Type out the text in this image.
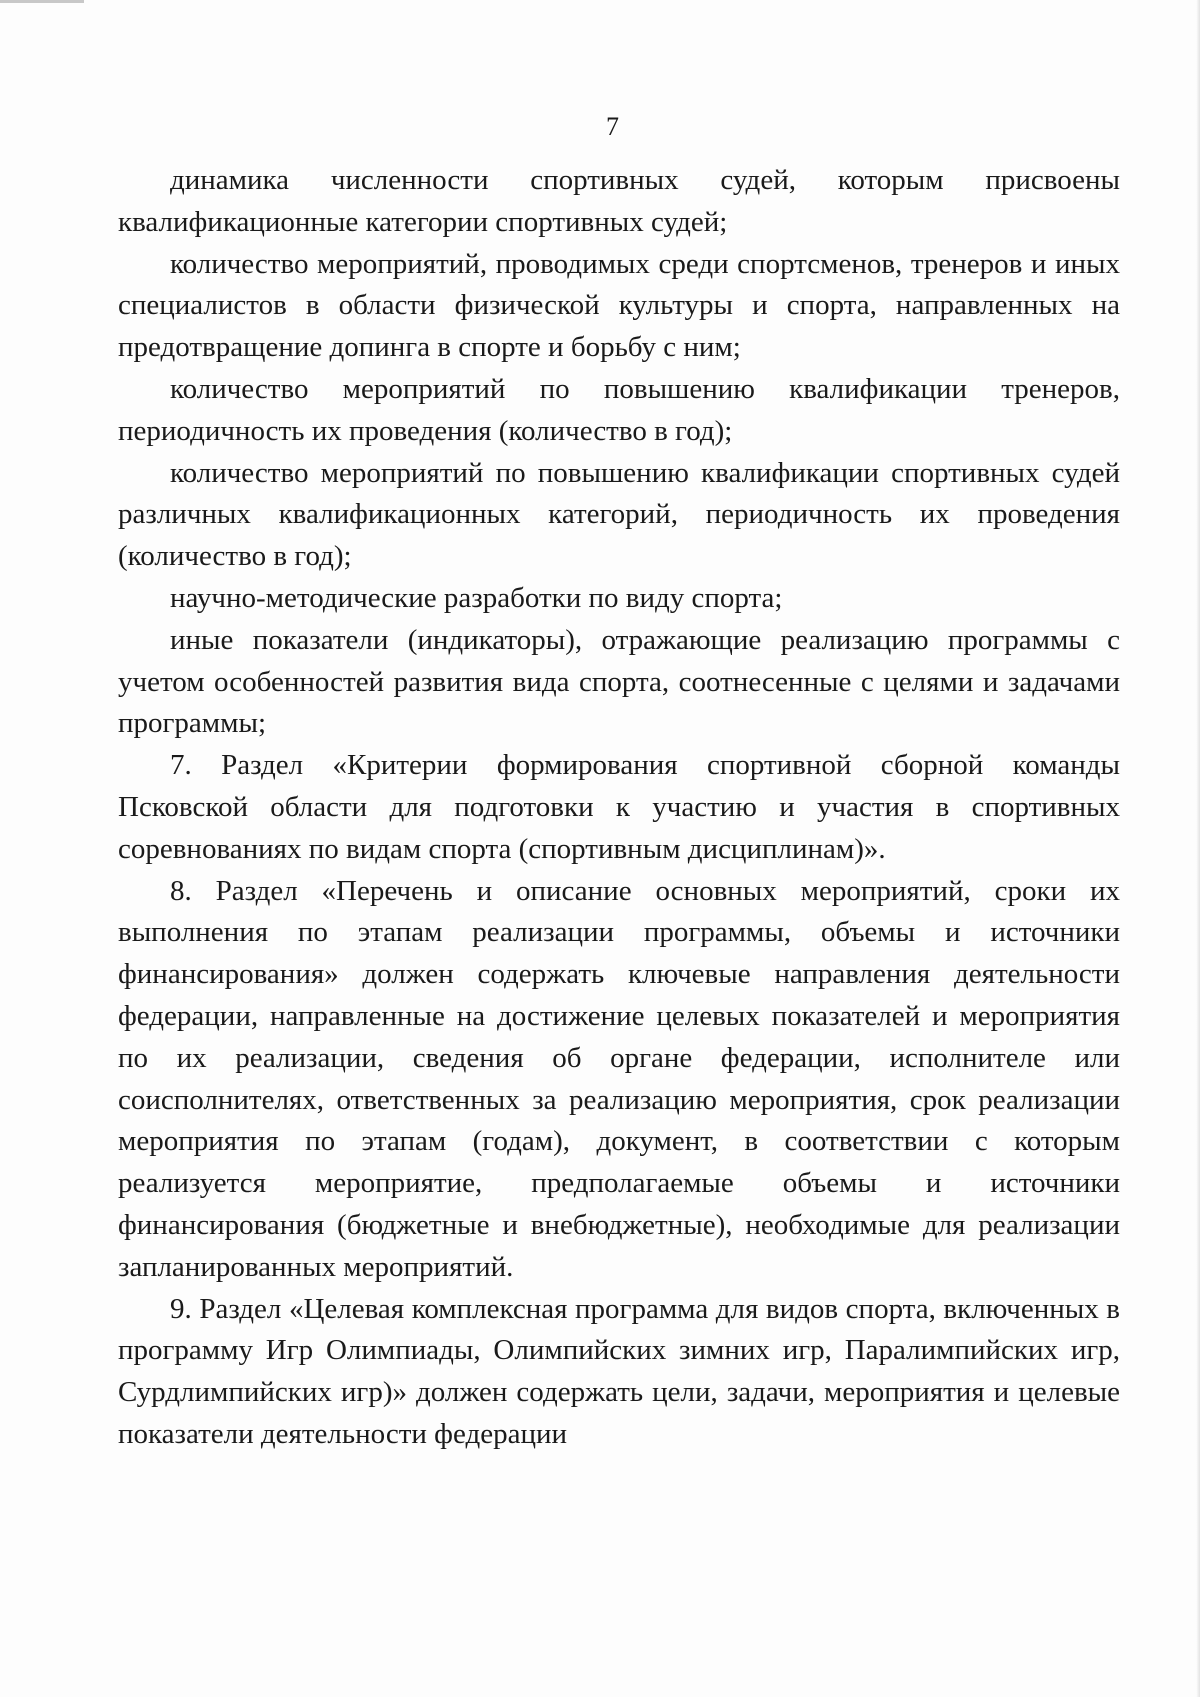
7

динамика численности спортивных судей, которым присвоены квалификационные категории спортивных судей;

количество мероприятий, проводимых среди спортсменов, тренеров и иных специалистов в области физической культуры и спорта, направленных на предотвращение допинга в спорте и борьбу с ним;

количество мероприятий по повышению квалификации тренеров, периодичность их проведения (количество в год);

количество мероприятий по повышению квалификации спортивных судей различных квалификационных категорий, периодичность их проведения (количество в год);

научно-методические разработки по виду спорта;

иные показатели (индикаторы), отражающие реализацию программы с учетом особенностей развития вида спорта, соотнесенные с целями и задачами программы;

7. Раздел «Критерии формирования спортивной сборной команды Псковской области для подготовки к участию и участия в спортивных соревнованиях по видам спорта (спортивным дисциплинам)».

8. Раздел «Перечень и описание основных мероприятий, сроки их выполнения по этапам реализации программы, объемы и источники финансирования» должен содержать ключевые направления деятельности федерации, направленные на достижение целевых показателей и мероприятия по их реализации, сведения об органе федерации, исполнителе или соисполнителях, ответственных за реализацию мероприятия, срок реализации мероприятия по этапам (годам), документ, в соответствии с которым реализуется мероприятие, предполагаемые объемы и источники финансирования (бюджетные и внебюджетные), необходимые для реализации запланированных мероприятий.

9. Раздел «Целевая комплексная программа для видов спорта, включенных в программу Игр Олимпиады, Олимпийских зимних игр, Паралимпийских игр, Сурдлимпийских игр)» должен содержать цели, задачи, мероприятия и целевые показатели деятельности федерации
